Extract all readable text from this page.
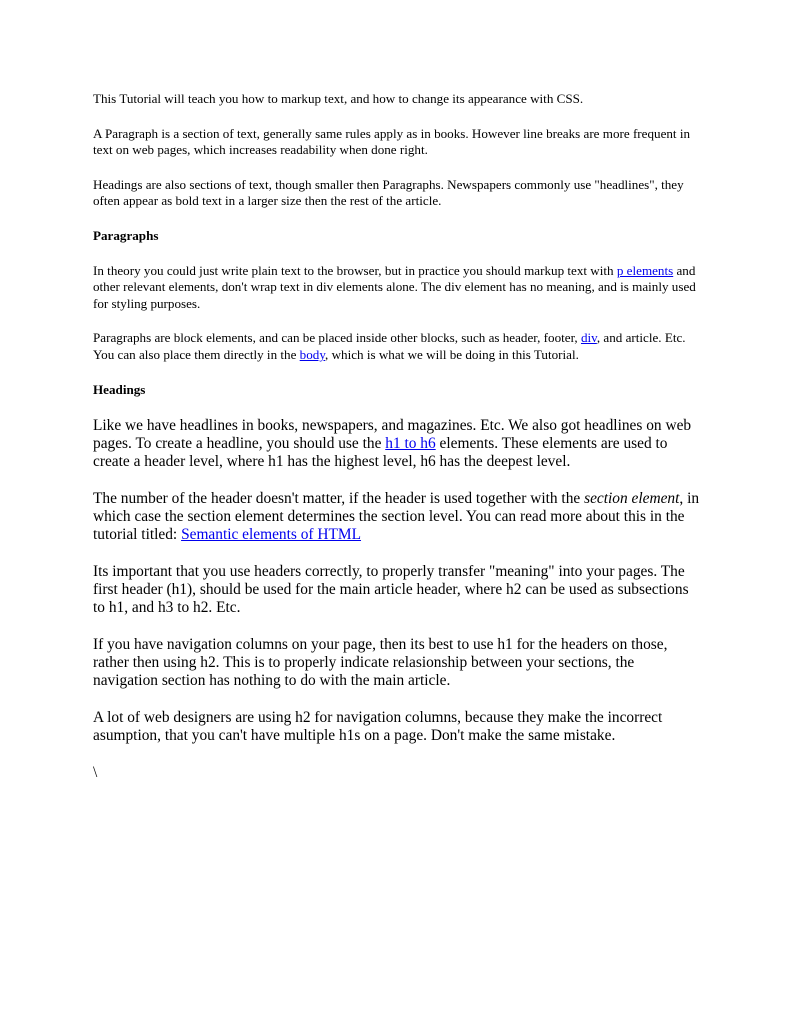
This Tutorial will teach you how to markup text, and how to change its appearance with CSS.

A Paragraph is a section of text, generally same rules apply as in books. However line breaks are more frequent in text on web pages, which increases readability when done right.

Headings are also sections of text, though smaller then Paragraphs. Newspapers commonly use "headlines", they often appear as bold text in a larger size then the rest of the article.

Paragraphs

In theory you could just write plain text to the browser, but in practice you should markup text with p elements and other relevant elements, don't wrap text in div elements alone. The div element has no meaning, and is mainly used for styling purposes.

Paragraphs are block elements, and can be placed inside other blocks, such as header, footer, div, and article. Etc. You can also place them directly in the body, which is what we will be doing in this Tutorial.

Headings

Like we have headlines in books, newspapers, and magazines. Etc. We also got headlines on web pages. To create a headline, you should use the h1 to h6 elements. These elements are used to create a header level, where h1 has the highest level, h6 has the deepest level.

The number of the header doesn't matter, if the header is used together with the section element, in which case the section element determines the section level. You can read more about this in the tutorial titled: Semantic elements of HTML

Its important that you use headers correctly, to properly transfer "meaning" into your pages. The first header (h1), should be used for the main article header, where h2 can be used as subsections to h1, and h3 to h2. Etc.

If you have navigation columns on your page, then its best to use h1 for the headers on those, rather then using h2. This is to properly indicate relasionship between your sections, the navigation section has nothing to do with the main article.

A lot of web designers are using h2 for navigation columns, because they make the incorrect asumption, that you can't have multiple h1s on a page. Don't make the same mistake.

\
